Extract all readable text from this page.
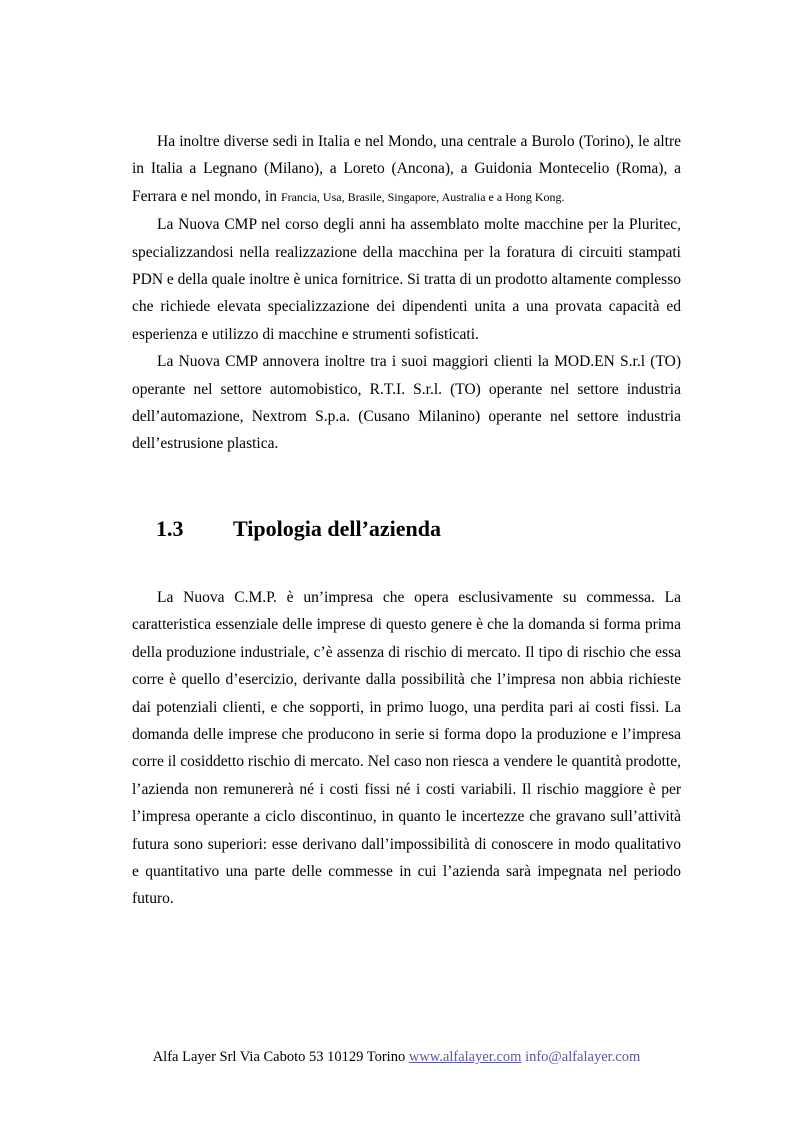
Ha inoltre diverse sedi in Italia e nel Mondo, una centrale a Burolo (Torino), le altre in Italia a Legnano (Milano), a Loreto (Ancona), a Guidonia Montecelio (Roma), a Ferrara e nel mondo, in Francia, Usa, Brasile, Singapore, Australia e a Hong Kong.

La Nuova CMP nel corso degli anni ha assemblato molte macchine per la Pluritec, specializzandosi nella realizzazione della macchina per la foratura di circuiti stampati PDN e della quale inoltre è unica fornitrice. Si tratta di un prodotto altamente complesso che richiede elevata specializzazione dei dipendenti unita a una provata capacità ed esperienza e utilizzo di macchine e strumenti sofisticati.

La Nuova CMP annovera inoltre tra i suoi maggiori clienti la MOD.EN S.r.l (TO) operante nel settore automobistico, R.T.I. S.r.l. (TO) operante nel settore industria dell’automazione, Nextrom S.p.a. (Cusano Milanino) operante nel settore industria dell’estrusione plastica.

1.3 Tipologia dell’azienda

La Nuova C.M.P. è un’impresa che opera esclusivamente su commessa. La caratteristica essenziale delle imprese di questo genere è che la domanda si forma prima della produzione industriale, c’è assenza di rischio di mercato. Il tipo di rischio che essa corre è quello d’esercizio, derivante dalla possibilità che l’impresa non abbia richieste dai potenziali clienti, e che sopporti, in primo luogo, una perdita pari ai costi fissi. La domanda delle imprese che producono in serie si forma dopo la produzione e l’impresa corre il cosiddetto rischio di mercato. Nel caso non riesca a vendere le quantità prodotte, l’azienda non remunererà né i costi fissi né i costi variabili. Il rischio maggiore è per l’impresa operante a ciclo discontinuo, in quanto le incertezze che gravano sull’attività futura sono superiori: esse derivano dall’impossibilità di conoscere in modo qualitativo e quantitativo una parte delle commesse in cui l’azienda sarà impegnata nel periodo futuro.

Alfa Layer Srl Via Caboto 53 10129 Torino www.alfalayer.com info@alfalayer.com
